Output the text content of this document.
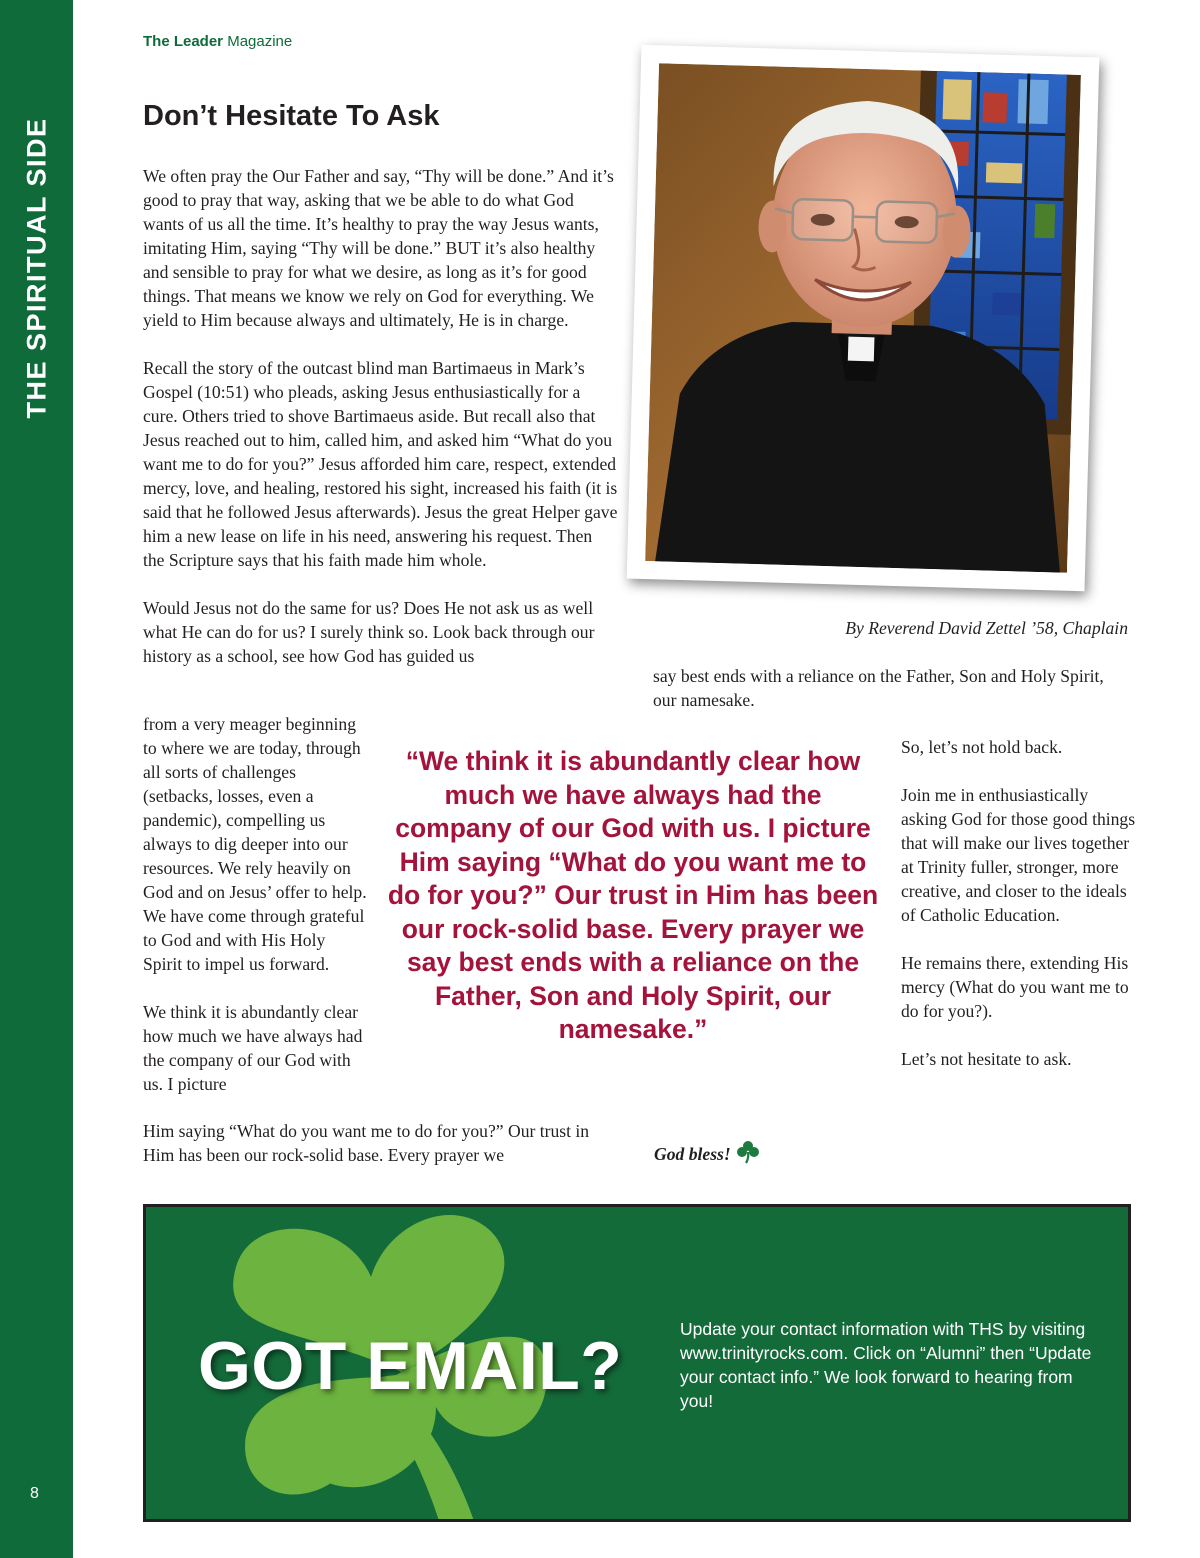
THE SPIRITUAL SIDE
8
The Leader Magazine
Don’t Hesitate To Ask

We often pray the Our Father and say, “Thy will be done.” And it’s good to pray that way, asking that we be able to do what God wants of us all the time. It’s healthy to pray the way Jesus wants, imitating Him, saying “Thy will be done.” BUT it’s also healthy and sensible to pray for what we desire, as long as it’s for good things. That means we know we rely on God for everything. We yield to Him because always and ultimately, He is in charge.

Recall the story of the outcast blind man Bartimaeus in Mark’s Gospel (10:51) who pleads, asking Jesus enthusiastically for a cure. Others tried to shove Bartimaeus aside. But recall also that Jesus reached out to him, called him, and asked him “What do you want me to do for you?” Jesus afforded him care, respect, extended mercy, love, and healing, restored his sight, increased his faith (it is said that he followed Jesus afterwards). Jesus the great Helper gave him a new lease on life in his need, answering his request. Then the Scripture says that his faith made him whole.

Would Jesus not do the same for us? Does He not ask us as well what He can do for us? I surely think so. Look back through our history as a school, see how God has guided us

from a very meager beginning to where we are today, through all sorts of challenges (setbacks, losses, even a pandemic), compelling us always to dig deeper into our resources. We rely heavily on God and on Jesus’ offer to help. We have come through grateful to God and with His Holy Spirit to impel us forward.

We think it is abundantly clear how much we have always had the company of our God with us. I picture

Him saying “What do you want me to do for you?” Our trust in Him has been our rock-solid base. Every prayer we

say best ends with a reliance on the Father, Son and Holy Spirit, our namesake.

“We think it is abundantly clear how much we have always had the company of our God with us. I picture Him saying “What do you want me to do for you?” Our trust in Him has been our rock-solid base. Every prayer we say best ends with a reliance on the Father, Son and Holy Spirit, our namesake.”

So, let’s not hold back.

Join me in enthusiastically asking God for those good things that will make our lives together at Trinity fuller, stronger, more creative, and closer to the ideals of Catholic Education.

He remains there, extending His mercy (What do you want me to do for you?).

Let’s not hesitate to ask.

By Reverend David Zettel ’58, Chaplain
God bless!
GOT EMAIL?	Update your contact information with THS by visiting www.trinityrocks.com. Click on “Alumni” then “Update your contact info.” We look forward to hearing from you!
